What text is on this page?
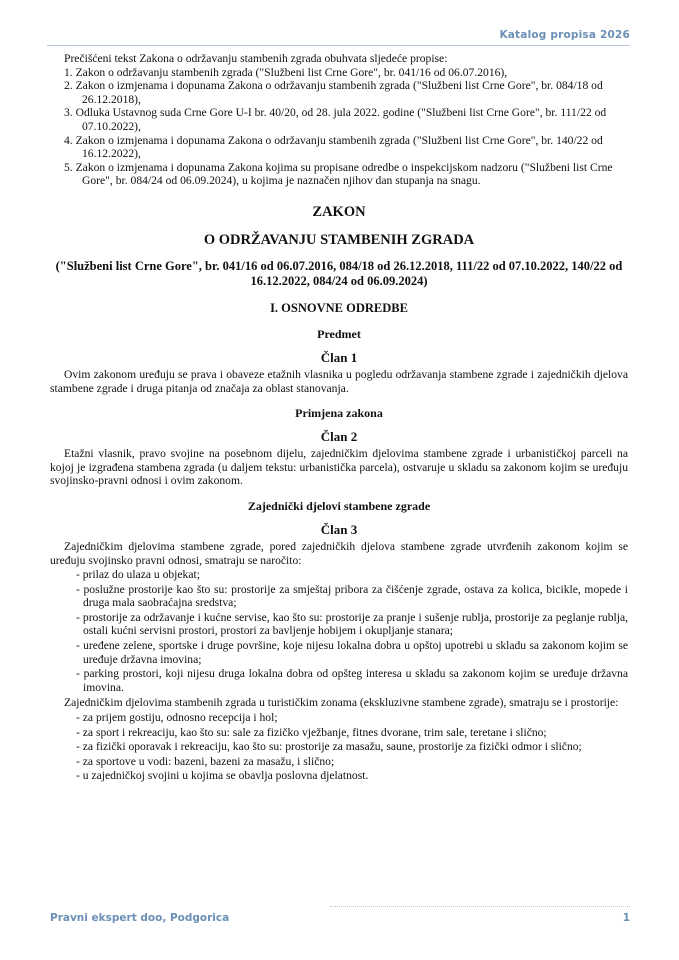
Katalog propisa 2026

Prečišćeni tekst Zakona o održavanju stambenih zgrada obuhvata sljedeće propise:

1. Zakon o održavanju stambenih zgrada ("Službeni list Crne Gore", br. 041/16 od 06.07.2016),
2. Zakon o izmjenama i dopunama Zakona o održavanju stambenih zgrada ("Službeni list Crne Gore", br. 084/18 od 26.12.2018),
3. Odluka Ustavnog suda Crne Gore U-I br. 40/20, od 28. jula 2022. godine ("Službeni list Crne Gore", br. 111/22 od 07.10.2022),
4. Zakon o izmjenama i dopunama Zakona o održavanju stambenih zgrada ("Službeni list Crne Gore", br. 140/22 od 16.12.2022),
5. Zakon o izmjenama i dopunama Zakona kojima su propisane odredbe o inspekcijskom nadzoru ("Službeni list Crne Gore", br. 084/24 od 06.09.2024), u kojima je naznačen njihov dan stupanja na snagu.
ZAKON
O ODRŽAVANJU STAMBENIH ZGRADA
("Službeni list Crne Gore", br. 041/16 od 06.07.2016, 084/18 od 26.12.2018, 111/22 od 07.10.2022, 140/22 od 16.12.2022, 084/24 od 06.09.2024)
I. OSNOVNE ODREDBE
Predmet
Član 1

Ovim zakonom uređuju se prava i obaveze etažnih vlasnika u pogledu održavanja stambene zgrade i zajedničkih djelova stambene zgrade i druga pitanja od značaja za oblast stanovanja.

Primjena zakona
Član 2

Etažni vlasnik, pravo svojine na posebnom dijelu, zajedničkim djelovima stambene zgrade i urbanističkoj parceli na kojoj je izgrađena stambena zgrada (u daljem tekstu: urbanistička parcela), ostvaruje u skladu sa zakonom kojim se uređuju svojinsko-pravni odnosi i ovim zakonom.

Zajednički djelovi stambene zgrade
Član 3

Zajedničkim djelovima stambene zgrade, pored zajedničkih djelova stambene zgrade utvrđenih zakonom kojim se uređuju svojinsko pravni odnosi, smatraju se naročito:

- prilaz do ulaza u objekat;
- poslužne prostorije kao što su: prostorije za smještaj pribora za čišćenje zgrade, ostava za kolica, bicikle, mopede i druga mala saobraćajna sredstva;
- prostorije za održavanje i kućne servise, kao što su: prostorije za pranje i sušenje rublja, prostorije za peglanje rublja, ostali kućni servisni prostori, prostori za bavljenje hobijem i okupljanje stanara;
- uređene zelene, sportske i druge površine, koje nijesu lokalna dobra u opštoj upotrebi u skladu sa zakonom kojim se uređuje državna imovina;
- parking prostori, koji nijesu druga lokalna dobra od opšteg interesa u skladu sa zakonom kojim se uređuje državna imovina.

Zajedničkim djelovima stambenih zgrada u turističkim zonama (ekskluzivne stambene zgrade), smatraju se i prostorije:

- za prijem gostiju, odnosno recepcija i hol;
- za sport i rekreaciju, kao što su: sale za fizičko vježbanje, fitnes dvorane, trim sale, teretane i slično;
- za fizički oporavak i rekreaciju, kao što su: prostorije za masažu, saune, prostorije za fizički odmor i slično;
- za sportove u vodi: bazeni, bazeni za masažu, i slično;
- u zajedničkoj svojini u kojima se obavlja poslovna djelatnost.
Pravni ekspert doo, Podgorica	1
